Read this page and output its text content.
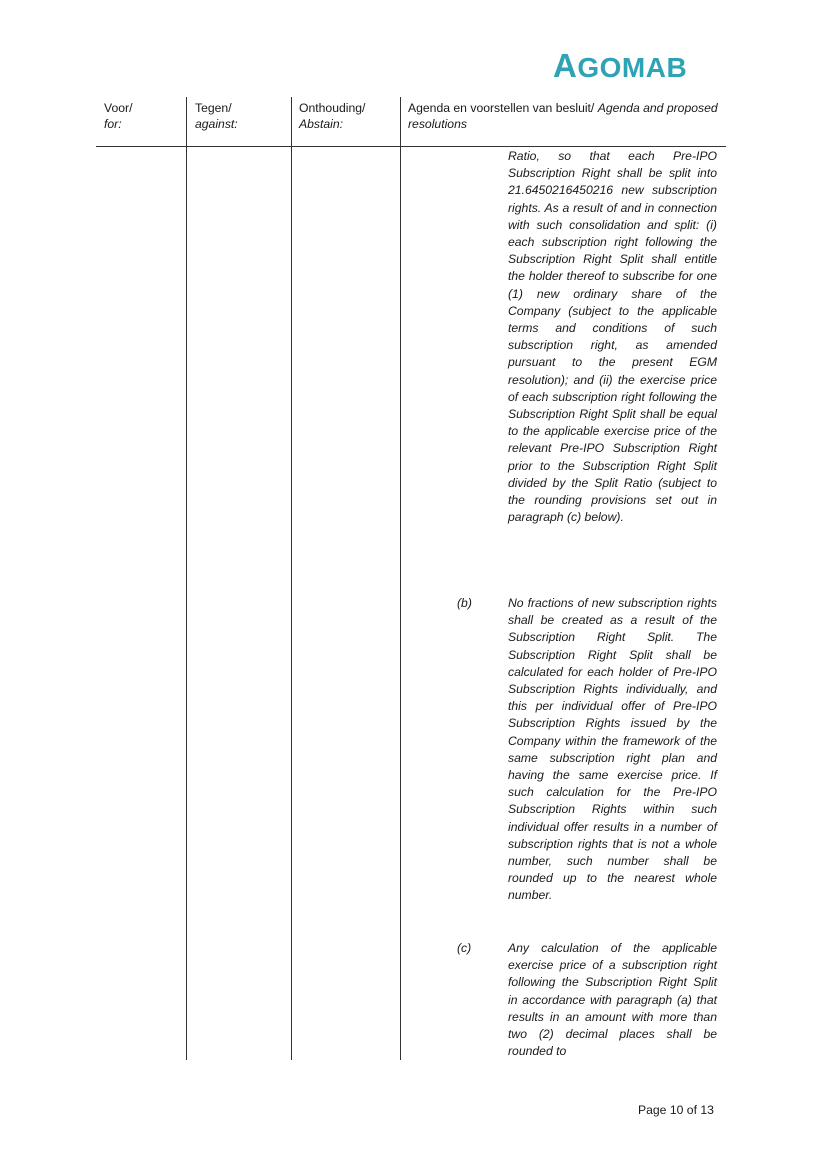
AGOMAB
Voor/
for:
Tegen/
against:
Onthouding/
Abstain:
Agenda en voorstellen van besluit/ Agenda and proposed resolutions
Ratio, so that each Pre-IPO Subscription Right shall be split into 21.6450216450216 new subscription rights. As a result of and in connection with such consolidation and split: (i) each subscription right following the Subscription Right Split shall entitle the holder thereof to subscribe for one (1) new ordinary share of the Company (subject to the applicable terms and conditions of such subscription right, as amended pursuant to the present EGM resolution); and (ii) the exercise price of each subscription right following the Subscription Right Split shall be equal to the applicable exercise price of the relevant Pre-IPO Subscription Right prior to the Subscription Right Split divided by the Split Ratio (subject to the rounding provisions set out in paragraph (c) below).
(b)	No fractions of new subscription rights shall be created as a result of the Subscription Right Split. The Subscription Right Split shall be calculated for each holder of Pre-IPO Subscription Rights individually, and this per individual offer of Pre-IPO Subscription Rights issued by the Company within the framework of the same subscription right plan and having the same exercise price. If such calculation for the Pre-IPO Subscription Rights within such individual offer results in a number of subscription rights that is not a whole number, such number shall be rounded up to the nearest whole number.
(c)	Any calculation of the applicable exercise price of a subscription right following the Subscription Right Split in accordance with paragraph (a) that results in an amount with more than two (2) decimal places shall be rounded to
Page 10 of 13
